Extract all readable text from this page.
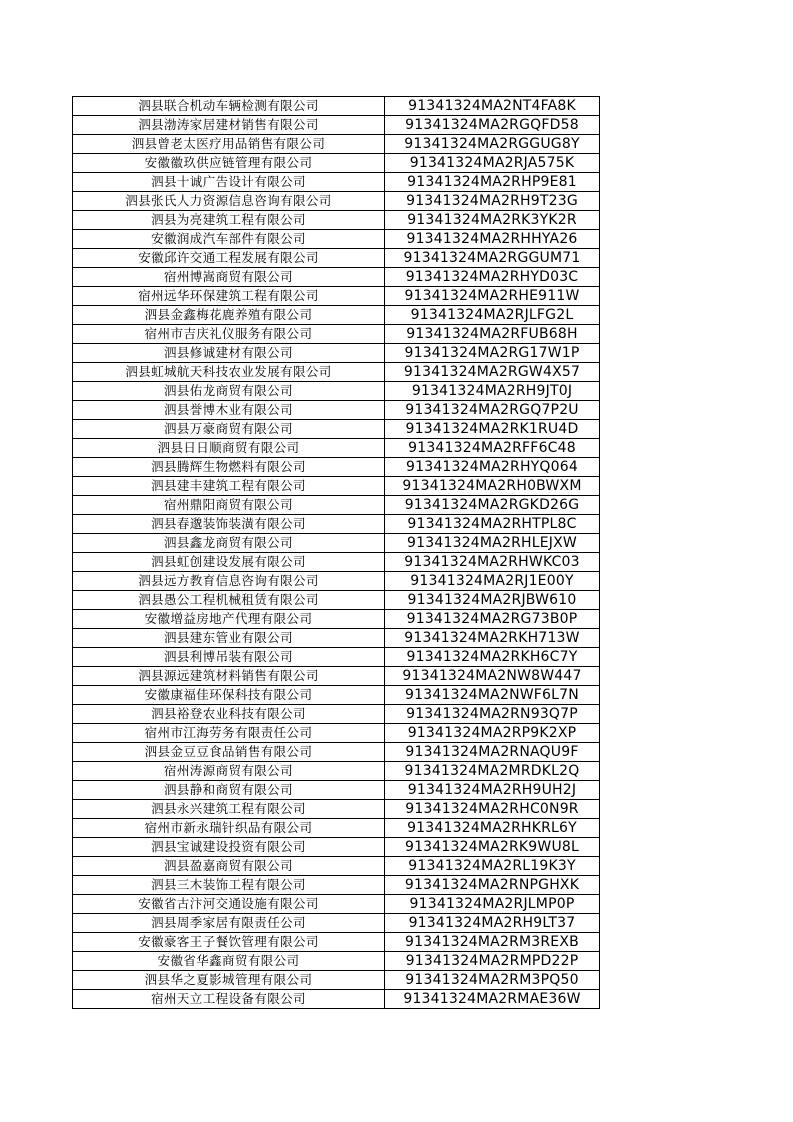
泗县联合机动车辆检测有限公司	91341324MA2NT4FA8K
泗县渤涛家居建材销售有限公司	91341324MA2RGQFD58
泗县曾老太医疗用品销售有限公司	91341324MA2RGGUG8Y
安徽徽玖供应链管理有限公司	91341324MA2RJA575K
泗县十诚广告设计有限公司	91341324MA2RHP9E81
泗县张氏人力资源信息咨询有限公司	91341324MA2RH9T23G
泗县为亮建筑工程有限公司	91341324MA2RK3YK2R
安徽润成汽车部件有限公司	91341324MA2RHHYA26
安徽邱许交通工程发展有限公司	91341324MA2RGGUM71
宿州博嵩商贸有限公司	91341324MA2RHYD03C
宿州远华环保建筑工程有限公司	91341324MA2RHE911W
泗县金鑫梅花鹿养殖有限公司	91341324MA2RJLFG2L
宿州市吉庆礼仪服务有限公司	91341324MA2RFUB68H
泗县修诚建材有限公司	91341324MA2RG17W1P
泗县虹城航天科技农业发展有限公司	91341324MA2RGW4X57
泗县佑龙商贸有限公司	91341324MA2RH9JT0J
泗县誉博木业有限公司	91341324MA2RGQ7P2U
泗县万豪商贸有限公司	91341324MA2RK1RU4D
泗县日日顺商贸有限公司	91341324MA2RFF6C48
泗县腾辉生物燃料有限公司	91341324MA2RHYQ064
泗县建丰建筑工程有限公司	91341324MA2RH0BWXM
宿州鼎阳商贸有限公司	91341324MA2RGKD26G
泗县春邈装饰装潢有限公司	91341324MA2RHTPL8C
泗县鑫龙商贸有限公司	91341324MA2RHLEJXW
泗县虹创建设发展有限公司	91341324MA2RHWKC03
泗县远方教育信息咨询有限公司	91341324MA2RJ1E00Y
泗县愚公工程机械租赁有限公司	91341324MA2RJBW610
安徽增益房地产代理有限公司	91341324MA2RG73B0P
泗县建东管业有限公司	91341324MA2RKH713W
泗县利博吊装有限公司	91341324MA2RKH6C7Y
泗县源远建筑材料销售有限公司	91341324MA2NW8W447
安徽康福佳环保科技有限公司	91341324MA2NWF6L7N
泗县裕登农业科技有限公司	91341324MA2RN93Q7P
宿州市江海劳务有限责任公司	91341324MA2RP9K2XP
泗县金豆豆食品销售有限公司	91341324MA2RNAQU9F
宿州涛源商贸有限公司	91341324MA2MRDKL2Q
泗县静和商贸有限公司	91341324MA2RH9UH2J
泗县永兴建筑工程有限公司	91341324MA2RHC0N9R
宿州市新永瑞针织品有限公司	91341324MA2RHKRL6Y
泗县宝诚建设投资有限公司	91341324MA2RK9WU8L
泗县盈嘉商贸有限公司	91341324MA2RL19K3Y
泗县三木装饰工程有限公司	91341324MA2RNPGHXK
安徽省古汴河交通设施有限公司	91341324MA2RJLMP0P
泗县周季家居有限责任公司	91341324MA2RH9LT37
安徽豪客王子餐饮管理有限公司	91341324MA2RM3REXB
安徽省华鑫商贸有限公司	91341324MA2RMPD22P
泗县华之夏影城管理有限公司	91341324MA2RM3PQ50
宿州天立工程设备有限公司	91341324MA2RMAE36W
